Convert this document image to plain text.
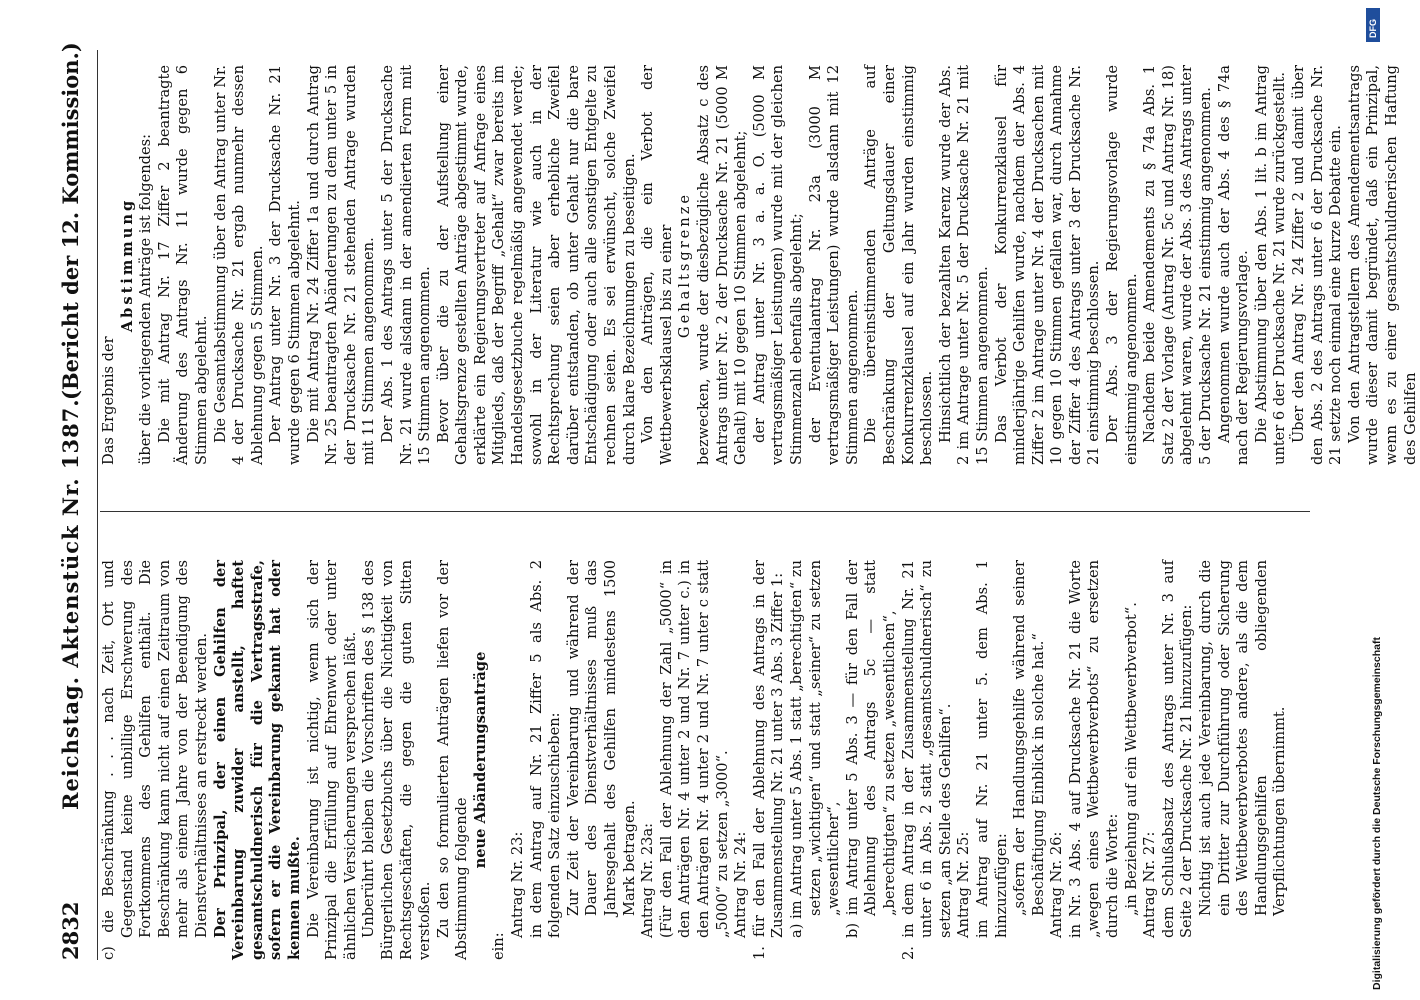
2832
Reichstag. Aktenstück Nr. 1387.
(Bericht der 12. Kommission.)

c) die Beschränkung . . . nach Zeit, Ort und Gegenstand keine unbillige Erschwerung des Fortkommens des Gehilfen enthält. Die Beschränkung kann nicht auf einen Zeitraum von mehr als einem Jahre von der Beendigung des Dienstverhältnisses an erstreckt werden. Der Prinzipal, der einen Gehilfen der Vereinbarung zuwider anstellt, haftet gesamtschuldnerisch für die Vertragsstrafe, sofern er die Vereinbarung gekannt hat oder kennen mußte. Die Vereinbarung ist nichtig, wenn sich der Prinzipal die Erfüllung auf Ehrenwort oder unter ähnlichen Versicherungen versprechen läßt. Unberührt bleiben die Vorschriften des § 138 des Bürgerlichen Gesetzbuchs über die Nichtigkeit von Rechtsgeschäften, die gegen die guten Sitten verstoßen. Zu den so formulierten Anträgen liefen vor der Abstimmung folgende

neue Abänderungsanträge

ein:

Antrag Nr. 23: in dem Antrag auf Nr. 21 Ziffer 5 als Abs. 2 folgenden Satz einzuschieben: Zur Zeit der Vereinbarung und während der Dauer des Dienstverhältnisses muß das Jahresgehalt des Gehilfen mindestens 1500 Mark betragen. Antrag Nr. 23a: (Für den Fall der Ablehnung der Zahl „5000“ in den Anträgen Nr. 4 unter 2 und Nr. 7 unter c.) in den Anträgen Nr. 4 unter 2 und Nr. 7 unter c statt „5000“ zu setzen „3000“. Antrag Nr. 24: 1. für den Fall der Ablehnung des Antrags in der Zusammenstellung Nr. 21 unter 3 Abs. 3 Ziffer 1: a) im Antrag unter 5 Abs. 1 statt „berechtigten“ zu setzen „wichtigen“ und statt „seiner“ zu setzen „wesentlicher“, b) im Antrag unter 5 Abs. 3 — für den Fall der Ablehnung des Antrags 5c — statt „berechtigten“ zu setzen „wesentlichen“, 2. in dem Antrag in der Zusammenstellung Nr. 21 unter 6 in Abs. 2 statt „gesamtschuldnerisch“ zu setzen „an Stelle des Gehilfen“. Antrag Nr. 25: im Antrag auf Nr. 21 unter 5. dem Abs. 1 hinzuzufügen: „sofern der Handlungsgehilfe während seiner Beschäftigung Einblick in solche hat.“ Antrag Nr. 26: in Nr. 3 Abs. 4 auf Drucksache Nr. 21 die Worte „wegen eines Wettbewerbverbots“ zu ersetzen durch die Worte: „in Beziehung auf ein Wettbewerbverbot“. Antrag Nr. 27: dem Schlußabsatz des Antrags unter Nr. 3 auf Seite 2 der Drucksache Nr. 21 hinzuzufügen: Nichtig ist auch jede Vereinbarung, durch die ein Dritter zur Durchführung oder Sicherung des Wettbewerbverbotes andere, als die dem Handlungsgehilfen obliegenden Verpflichtungen übernimmt.

Das Ergebnis der

Abstimmung über die vorliegenden Anträge ist folgendes: Die mit Antrag Nr. 17 Ziffer 2 beantragte Änderung des Antrags Nr. 11 wurde gegen 6 Stimmen abgelehnt. Die Gesamtabstimmung über den Antrag unter Nr. 4 der Drucksache Nr. 21 ergab nunmehr dessen Ablehnung gegen 5 Stimmen. Der Antrag unter Nr. 3 der Drucksache Nr. 21 wurde gegen 6 Stimmen abgelehnt. Die mit Antrag Nr. 24 Ziffer 1a und durch Antrag Nr. 25 beantragten Abänderungen zu dem unter 5 in der Drucksache Nr. 21 stehenden Antrage wurden mit 11 Stimmen angenommen. Der Abs. 1 des Antrags unter 5 der Drucksache Nr. 21 wurde alsdann in der amendierten Form mit 15 Stimmen angenommen. Bevor über die zu der Aufstellung einer Gehaltsgrenze gestellten Anträge abgestimmt wurde, erklärte ein Regierungsvertreter auf Anfrage eines Mitglieds, daß der Begriff „Gehalt“ zwar bereits im Handelsgesetzbuche regelmäßig angewendet werde; sowohl in der Literatur wie auch in der Rechtsprechung seien aber erhebliche Zweifel darüber entstanden, ob unter Gehalt nur die bare Entschädigung oder auch alle sonstigen Entgelte zu rechnen seien. Es sei erwünscht, solche Zweifel durch klare Bezeichnungen zu beseitigen. Von den Anträgen, die ein Verbot der Wettbewerbsklausel bis zu einer Gehaltsgrenze bezwecken, wurde der diesbezügliche Absatz c des Antrags unter Nr. 2 der Drucksache Nr. 21 (5000 M Gehalt) mit 10 gegen 10 Stimmen abgelehnt; der Antrag unter Nr. 3 a. a. O. (5000 M vertragsmäßiger Leistungen) wurde mit der gleichen Stimmenzahl ebenfalls abgelehnt; der Eventualantrag Nr. 23a (3000 M vertragsmäßiger Leistungen) wurde alsdann mit 12 Stimmen angenommen. Die übereinstimmenden Anträge auf Beschränkung der Geltungsdauer einer Konkurrenzklausel auf ein Jahr wurden einstimmig beschlossen. Hinsichtlich der bezahlten Karenz wurde der Abs. 2 im Antrage unter Nr. 5 der Drucksache Nr. 21 mit 15 Stimmen angenommen. Das Verbot der Konkurrenzklausel für minderjährige Gehilfen wurde, nachdem der Abs. 4 Ziffer 2 im Antrage unter Nr. 4 der Drucksachen mit 10 gegen 10 Stimmen gefallen war, durch Annahme der Ziffer 4 des Antrags unter 3 der Drucksache Nr. 21 einstimmig beschlossen. Der Abs. 3 der Regierungsvorlage wurde einstimmig angenommen. Nachdem beide Amendements zu § 74a Abs. 1 Satz 2 der Vorlage (Antrag Nr. 5c und Antrag Nr. 18) abgelehnt waren, wurde der Abs. 3 des Antrags unter 5 der Drucksache Nr. 21 einstimmig angenommen. Angenommen wurde auch der Abs. 4 des § 74a nach der Regierungsvorlage. Die Abstimmung über den Abs. 1 lit. b im Antrag unter 6 der Drucksache Nr. 21 wurde zurückgestellt. Über den Antrag Nr. 24 Ziffer 2 und damit über den Abs. 2 des Antrags unter 6 der Drucksache Nr. 21 setzte noch einmal eine kurze Debatte ein. Von den Antragstellern des Amendementsantrags wurde dieser damit begründet, daß ein Prinzipal, wenn es zu einer gesamtschuldnerischen Haftung des Gehilfen

DFG
Digitalisierung gefördert durch die Deutsche Forschungsgemeinschaft
